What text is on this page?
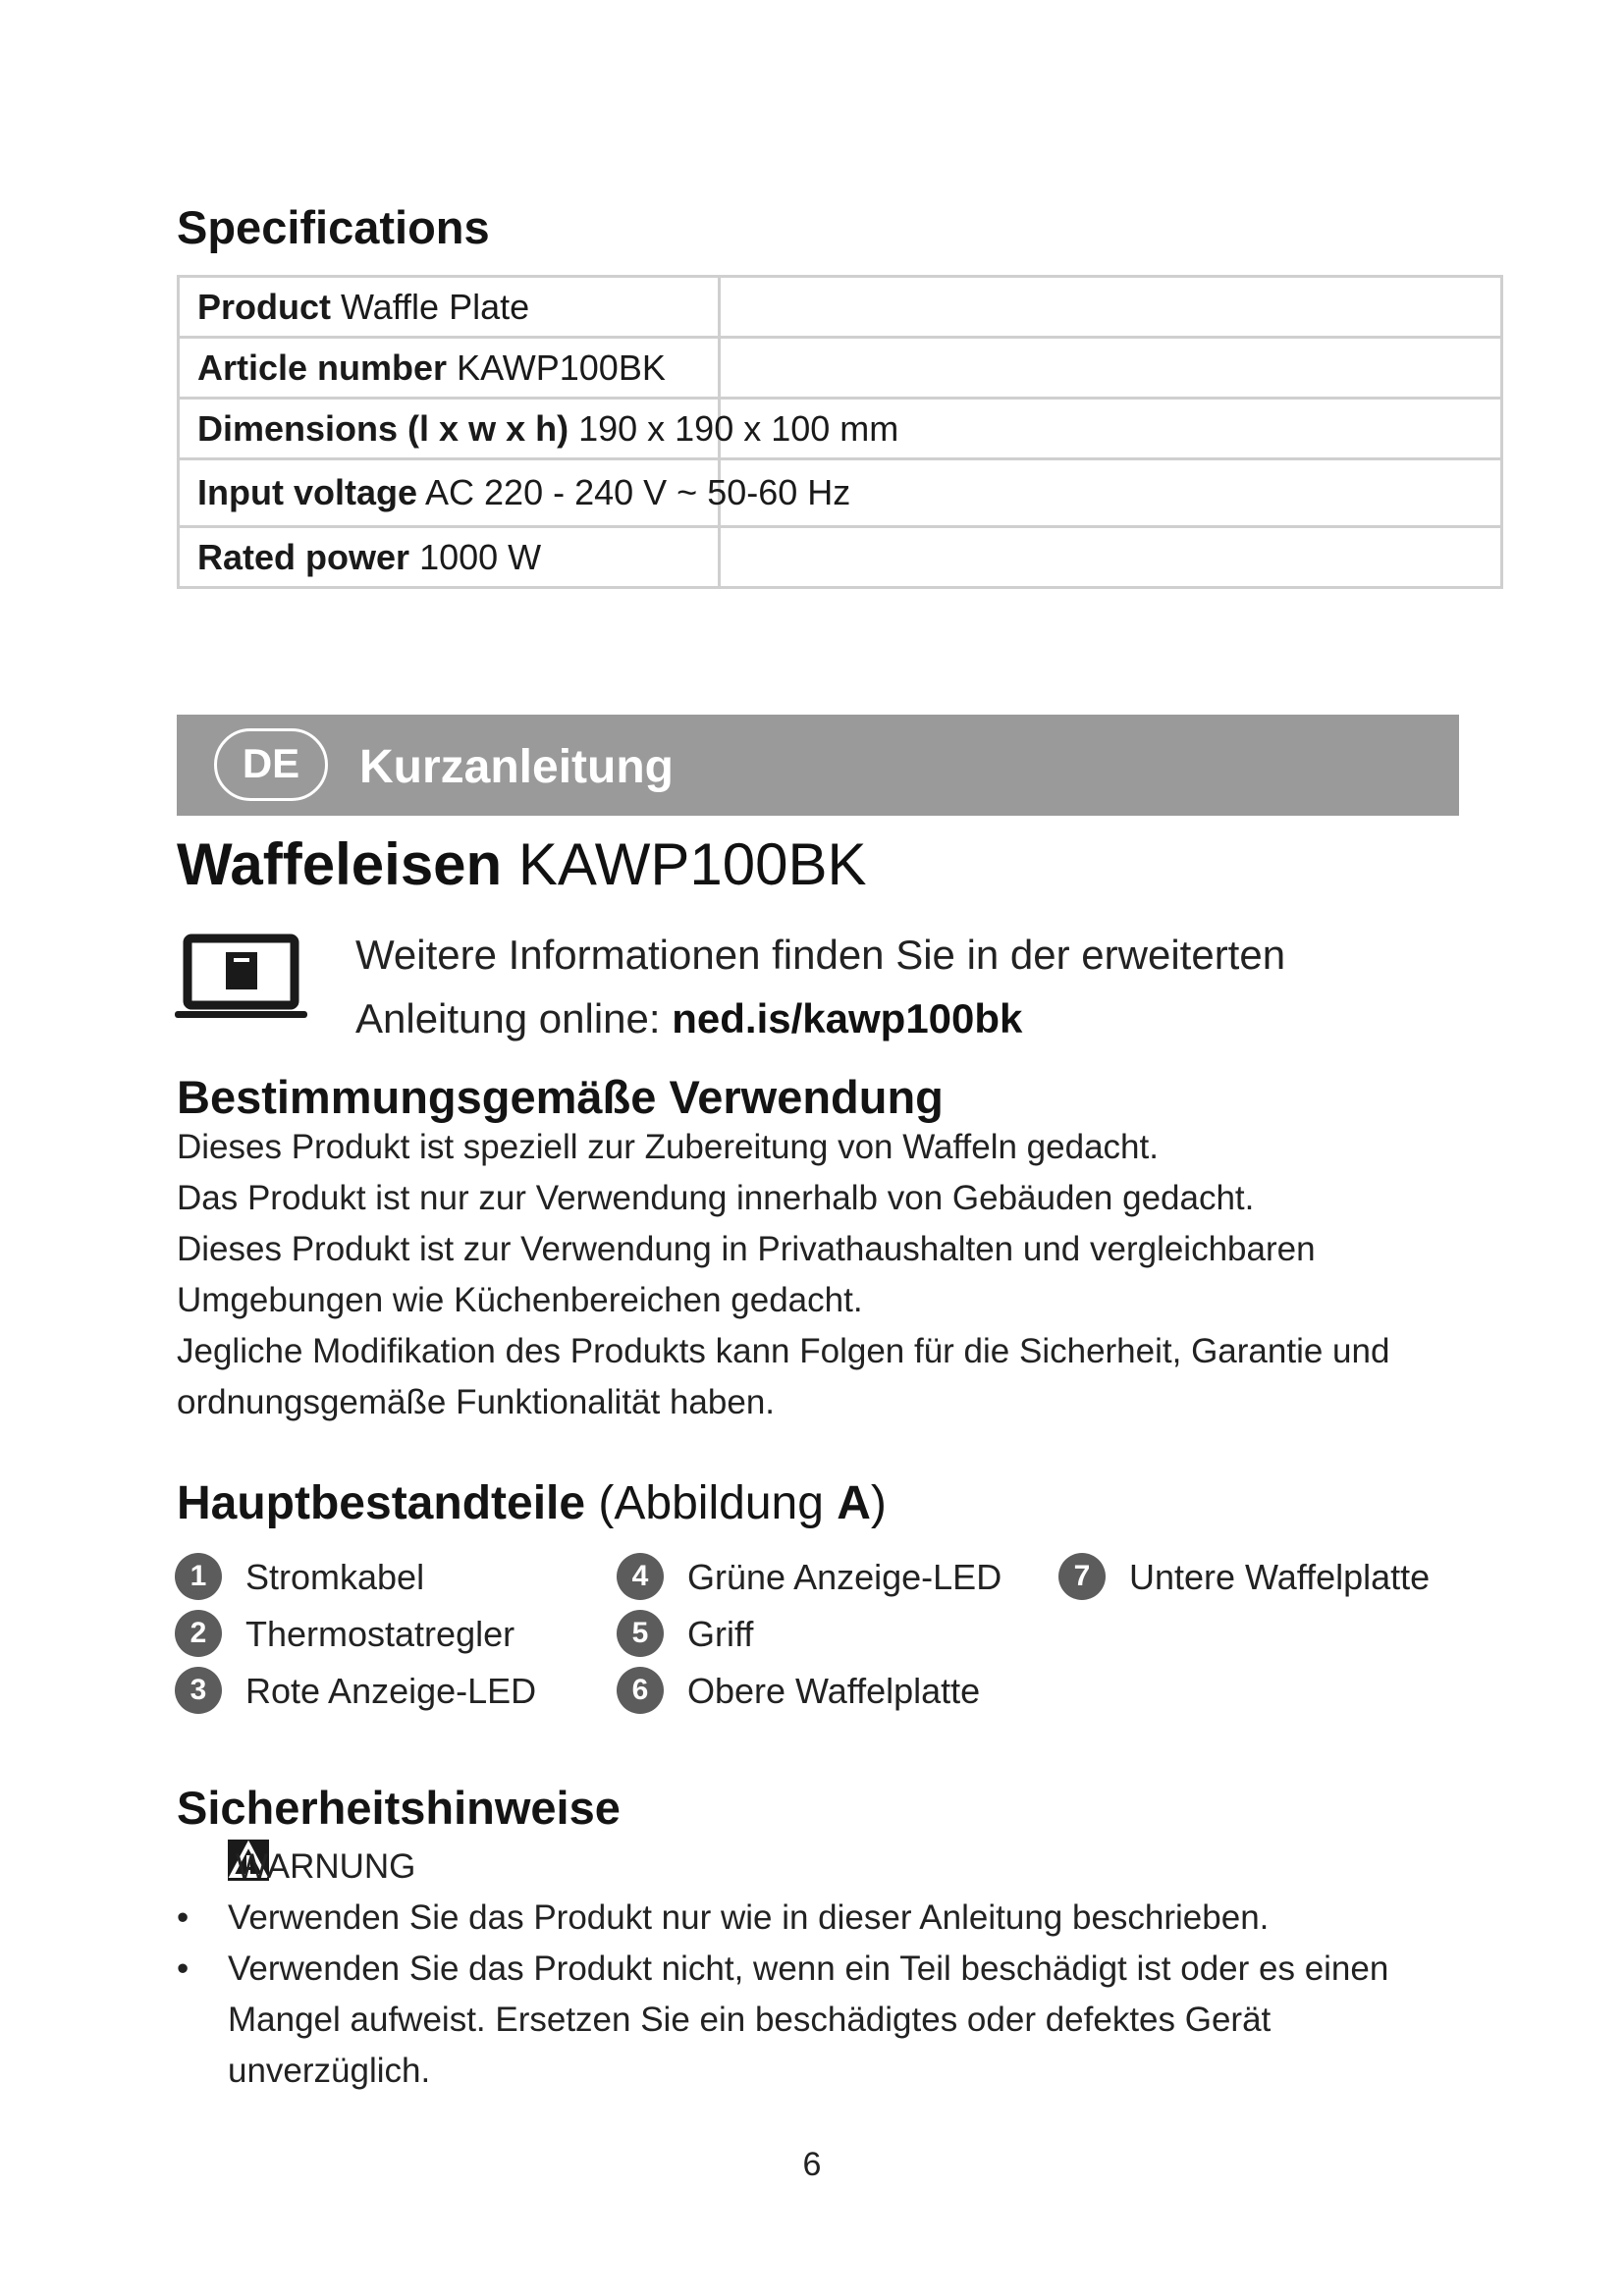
Specifications
Product Waffle Plate	
Article number KAWP100BK	
Dimensions (l x w x h) 190 x 190 x 100 mm	
Input voltage AC 220 - 240 V ~ 50-60 Hz	
Rated power 1000 W	
DE	Kurzanleitung
Waffeleisen KAWP100BK
Weitere Informationen finden Sie in der erweiterten
Anleitung online: ned.is/kawp100bk
Bestimmungsgemäße Verwendung

Dieses Produkt ist speziell zur Zubereitung von Waffeln gedacht.

Das Produkt ist nur zur Verwendung innerhalb von Gebäuden gedacht.

Dieses Produkt ist zur Verwendung in Privathaushalten und vergleichbaren Umgebungen wie Küchenbereichen gedacht.

Jegliche Modifikation des Produkts kann Folgen für die Sicherheit, Garantie und ordnungsgemäße Funktionalität haben.

Hauptbestandteile (Abbildung A)
1	Stromkabel
2	Thermostatregler
3	Rote Anzeige-LED
4	Grüne Anzeige-LED
5	Griff
6	Obere Waffelplatte
7	Untere Waffelplatte
Sicherheitshinweise
WARNUNG
• Verwenden Sie das Produkt nur wie in dieser Anleitung beschrieben.
• Verwenden Sie das Produkt nicht, wenn ein Teil beschädigt ist oder es einen Mangel aufweist. Ersetzen Sie ein beschädigtes oder defektes Gerät unverzüglich.
6
